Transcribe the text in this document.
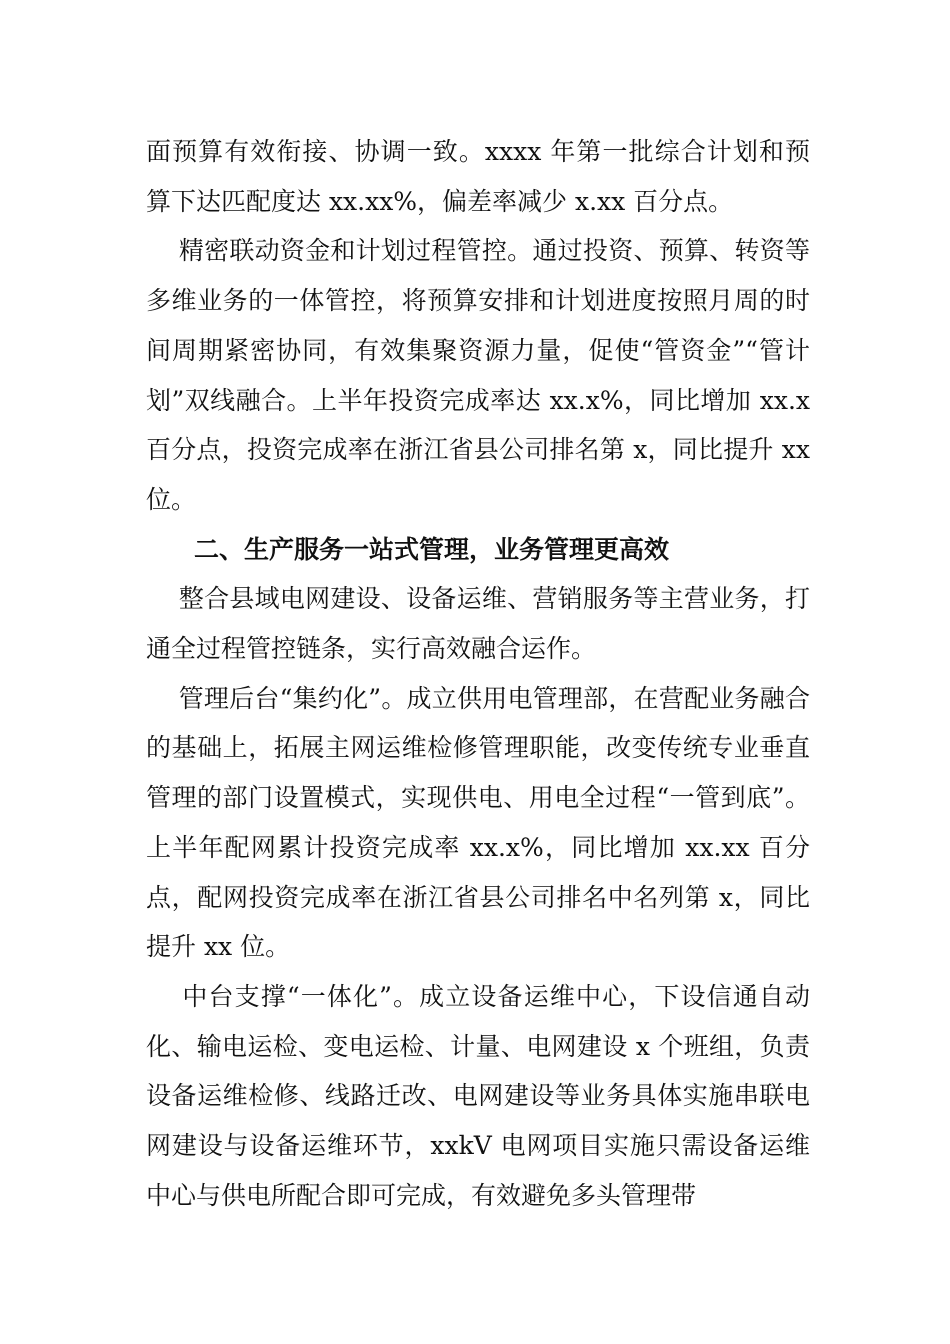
面预算有效衔接、协调一致。xxxx 年第一批综合计划和预算下达匹配度达 xx.xx%，偏差率减少 x.xx 百分点。

精密联动资金和计划过程管控。通过投资、预算、转资等多维业务的一体管控，将预算安排和计划进度按照月周的时间周期紧密协同，有效集聚资源力量，促使“管资金”“管计划”双线融合。上半年投资完成率达 xx.x%，同比增加 xx.x 百分点，投资完成率在浙江省县公司排名第 x，同比提升 xx 位。

二、生产服务一站式管理，业务管理更高效

整合县域电网建设、设备运维、营销服务等主营业务，打通全过程管控链条，实行高效融合运作。

管理后台“集约化”。成立供用电管理部，在营配业务融合的基础上，拓展主网运维检修管理职能，改变传统专业垂直管理的部门设置模式，实现供电、用电全过程“一管到底”。上半年配网累计投资完成率 xx.x%，同比增加 xx.xx 百分点，配网投资完成率在浙江省县公司排名中名列第 x，同比提升 xx 位。

中台支撑“一体化”。成立设备运维中心，下设信通自动化、输电运检、变电运检、计量、电网建设 x 个班组，负责设备运维检修、线路迁改、电网建设等业务具体实施串联电网建设与设备运维环节，xxkV 电网项目实施只需设备运维中心与供电所配合即可完成，有效避免多头管理带
